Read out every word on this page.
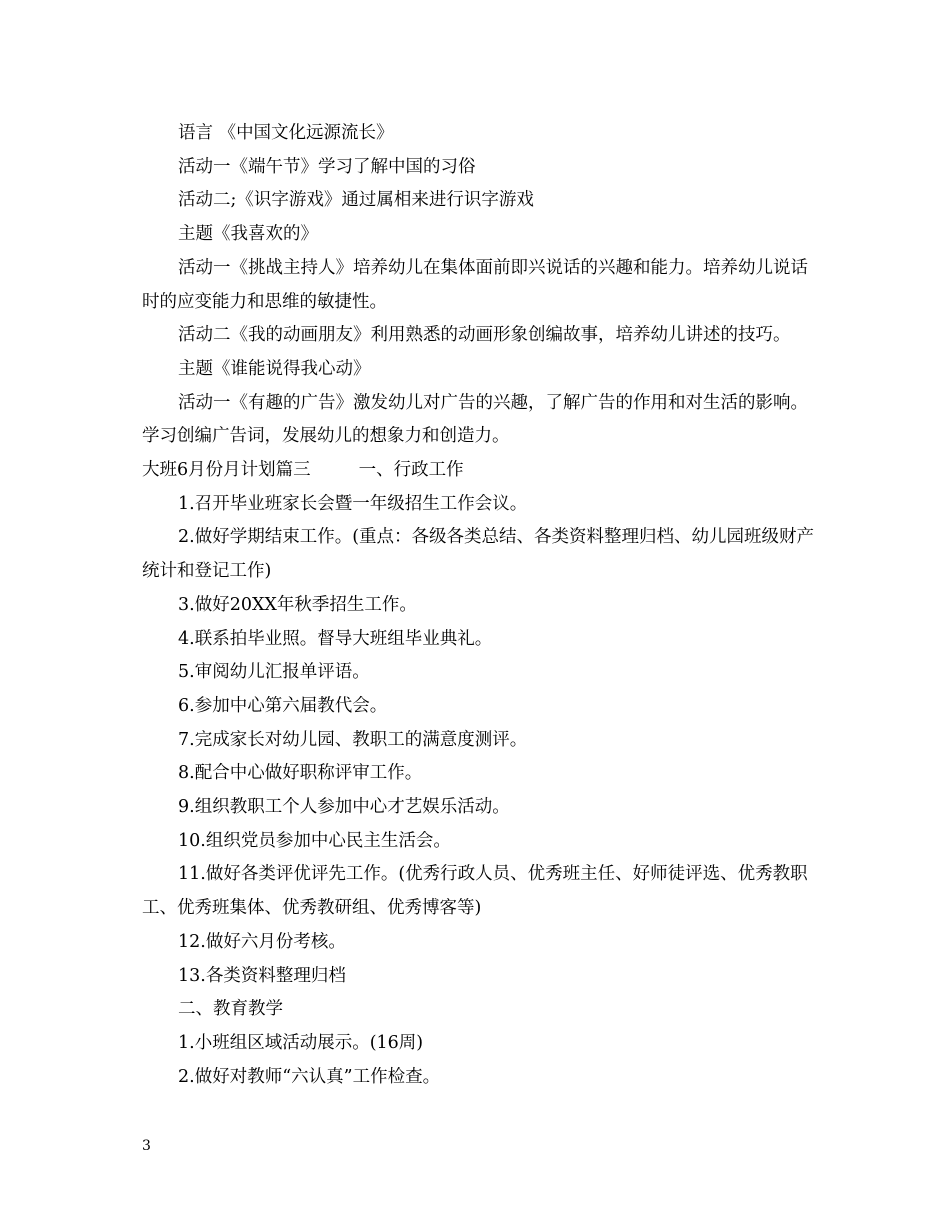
语言 《中国文化远源流长》

活动一《端午节》学习了解中国的习俗

活动二;《识字游戏》通过属相来进行识字游戏

主题《我喜欢的》

活动一《挑战主持人》培养幼儿在集体面前即兴说话的兴趣和能力。培养幼儿说话时的应变能力和思维的敏捷性。

活动二《我的动画朋友》利用熟悉的动画形象创编故事，培养幼儿讲述的技巧。

主题《谁能说得我心动》

活动一《有趣的广告》激发幼儿对广告的兴趣，了解广告的作用和对生活的影响。学习创编广告词，发展幼儿的想象力和创造力。

大班6月份月计划篇三	一、行政工作

1.召开毕业班家长会暨一年级招生工作会议。

2.做好学期结束工作。(重点：各级各类总结、各类资料整理归档、幼儿园班级财产统计和登记工作)

3.做好20XX年秋季招生工作。

4.联系拍毕业照。督导大班组毕业典礼。

5.审阅幼儿汇报单评语。

6.参加中心第六届教代会。

7.完成家长对幼儿园、教职工的满意度测评。

8.配合中心做好职称评审工作。

9.组织教职工个人参加中心才艺娱乐活动。

10.组织党员参加中心民主生活会。

11.做好各类评优评先工作。(优秀行政人员、优秀班主任、好师徒评选、优秀教职工、优秀班集体、优秀教研组、优秀博客等)

12.做好六月份考核。

13.各类资料整理归档

二、教育教学

1.小班组区域活动展示。(16周)

2.做好对教师“六认真”工作检查。

3
